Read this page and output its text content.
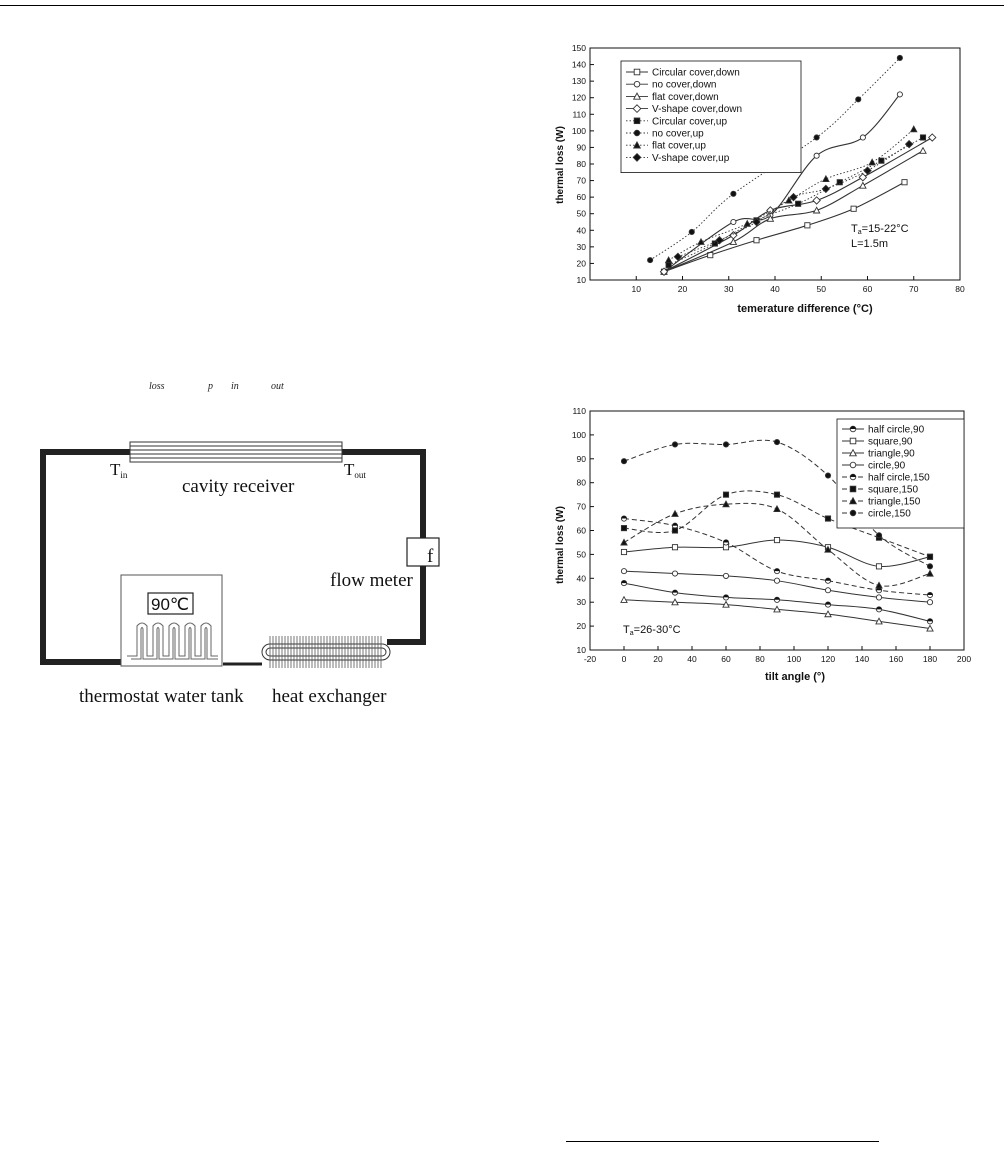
loss	p in	out
Tin	Tout
cavity receiver
f
flow meter
90℃
thermostat water tank heat exchanger
10	20	30	40	50	60	70	80
10
20
30
40
50
60
70
80
90
100
110
120
130
140
150
Circular cover,down
no cover,down
flat cover,down
V-shape cover,down
Circular cover,up
no cover,up
flat cover,up
V-shape cover,up
temerature difference (°C)
thermal loss (W)
Ta=15-22°C
L=1.5m
-20	0	20	40	60	80	100 120 140 160 180 200
10
20
30
40
50
60
70
80
90
100
110
half circle,90
square,90
triangle,90
circle,90
half circle,150
square,150
triangle,150
circle,150
tilt angle (°)
thermal loss (W)
Ta=26-30°C
